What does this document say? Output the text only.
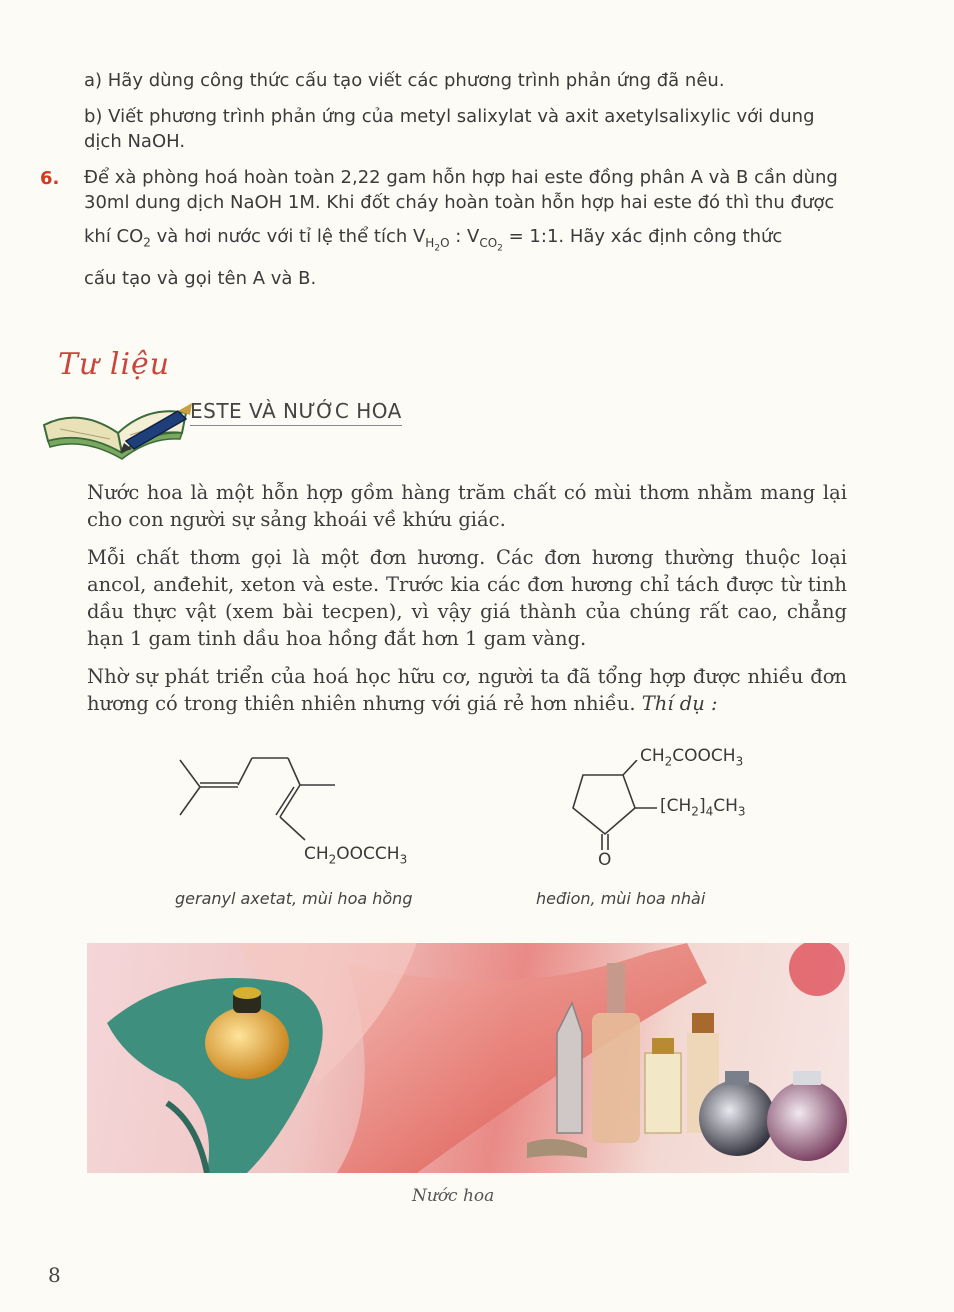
a) Hãy dùng công thức cấu tạo viết các phương trình phản ứng đã nêu.
b) Viết phương trình phản ứng của metyl salixylat và axit axetylsalixylic với dung dịch NaOH.
6. Để xà phòng hoá hoàn toàn 2,22 gam hỗn hợp hai este đồng phân A và B cần dùng
30ml dung dịch NaOH 1M. Khi đốt cháy hoàn toàn hỗn hợp hai este đó thì thu được
khí $CO_2$ và hơi nước với tỉ lệ thể tích $V_{H_2O}$ : $V_{CO_2}$ = 1:1. Hãy xác định công thức
cấu tạo và gọi tên A và B.
Tư liệu
ESTE VÀ NƯỚC HOA
Nước hoa là một hỗn hợp gồm hàng trăm chất có mùi thơm nhằm mang lại cho con người sự sảng khoái về khứu giác.
Mỗi chất thơm gọi là một đơn hương. Các đơn hương thường thuộc loại ancol, anđehit, xeton và este. Trước kia các đơn hương chỉ tách được từ tinh dầu thực vật (xem bài tecpen), vì vậy giá thành của chúng rất cao, chẳng hạn 1 gam tinh dầu hoa hồng đắt hơn 1 gam vàng.
Nhờ sự phát triển của hoá học hữu cơ, người ta đã tổng hợp được nhiều đơn hương có trong thiên nhiên nhưng với giá rẻ hơn nhiều. Thí dụ :
$CH_2OOCCH_3$
geranyl axetat, mùi hoa hồng
$CH_2COOCH_3$
$[CH_2]_4CH_3$
O
hеđion, mùi hoa nhài
Nước hoa
8
